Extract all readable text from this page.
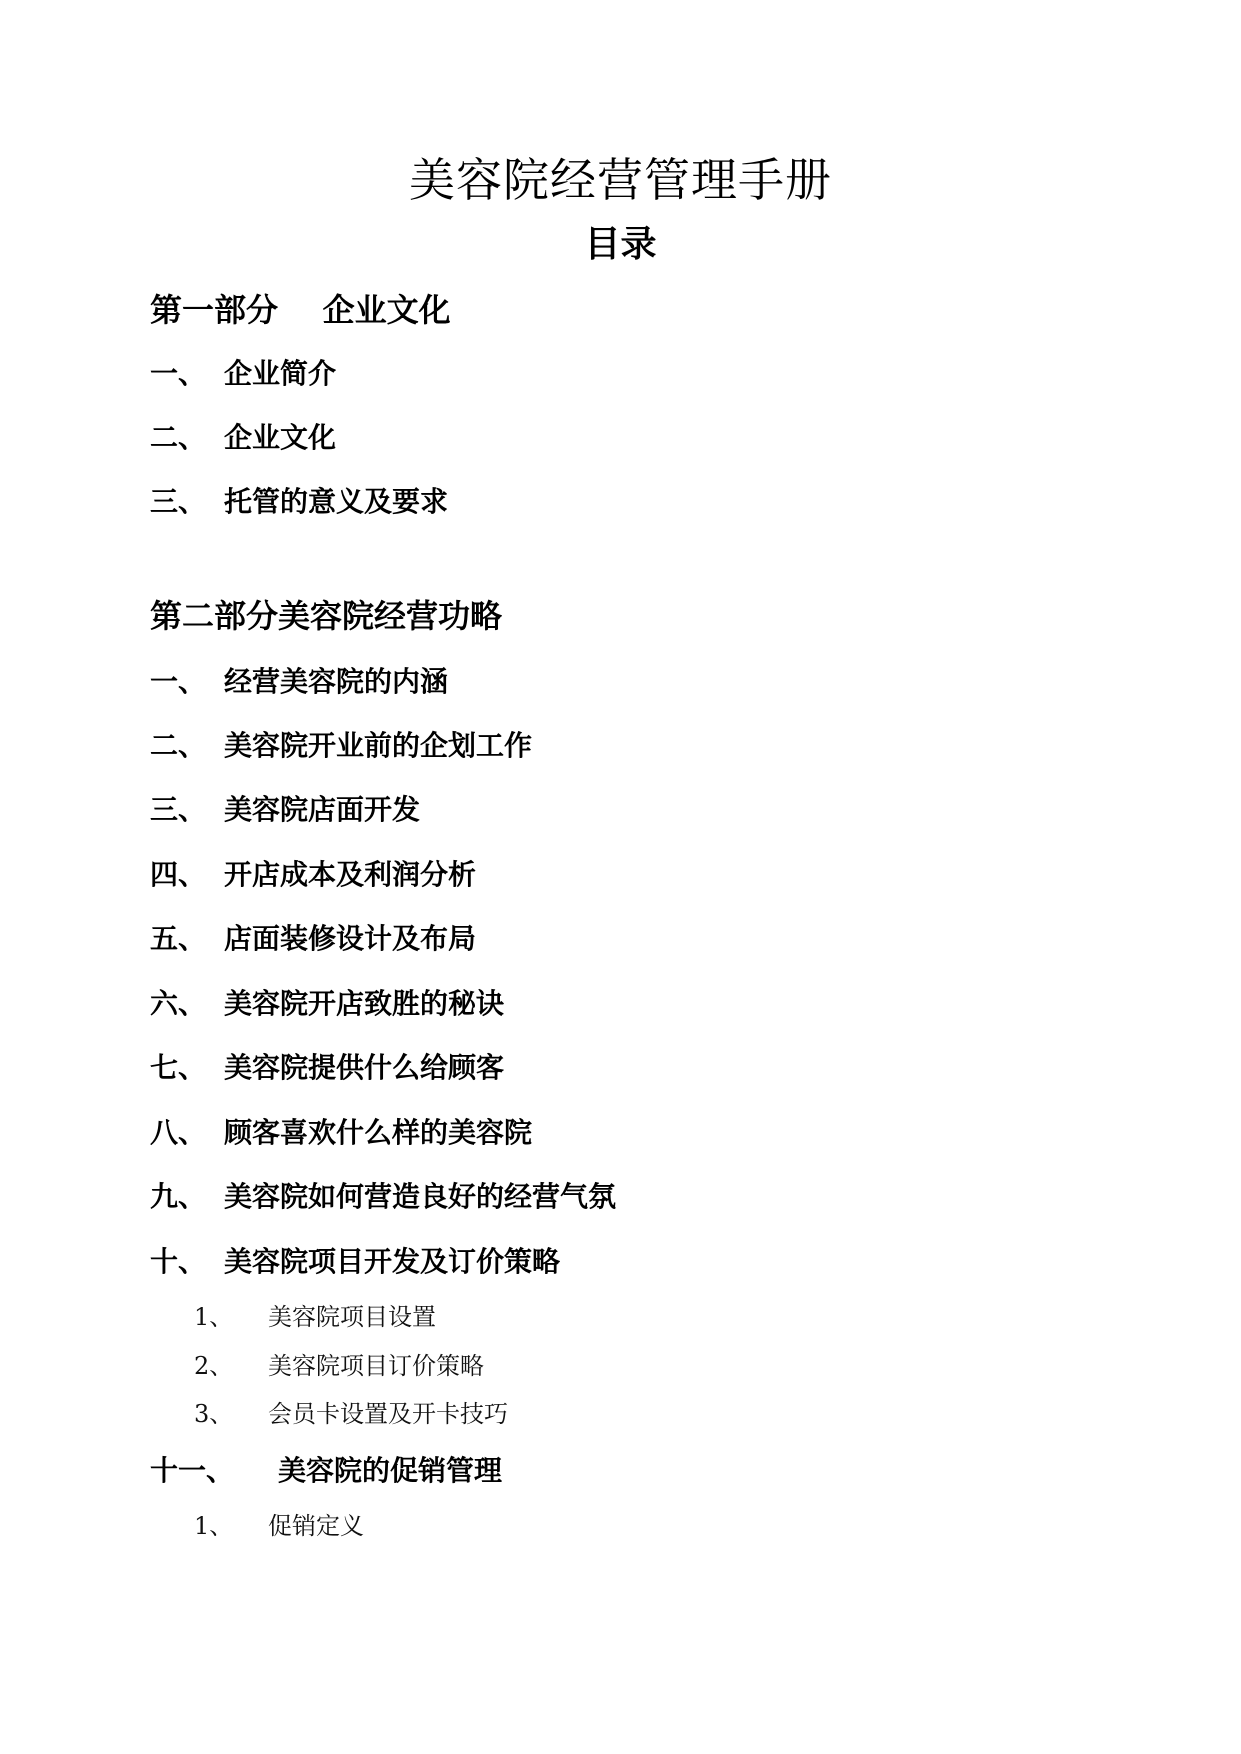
美容院经营管理手册
目录
第一部分    企业文化
一、 企业简介
二、 企业文化
三、 托管的意义及要求
第二部分美容院经营功略
一、 经营美容院的内涵
二、 美容院开业前的企划工作
三、 美容院店面开发
四、 开店成本及利润分析
五、 店面装修设计及布局
六、 美容院开店致胜的秘诀
七、 美容院提供什么给顾客
八、 顾客喜欢什么样的美容院
九、 美容院如何营造良好的经营气氛
十、 美容院项目开发及订价策略
1、 美容院项目设置
2、 美容院项目订价策略
3、 会员卡设置及开卡技巧
十一、 美容院的促销管理
1、 促销定义
